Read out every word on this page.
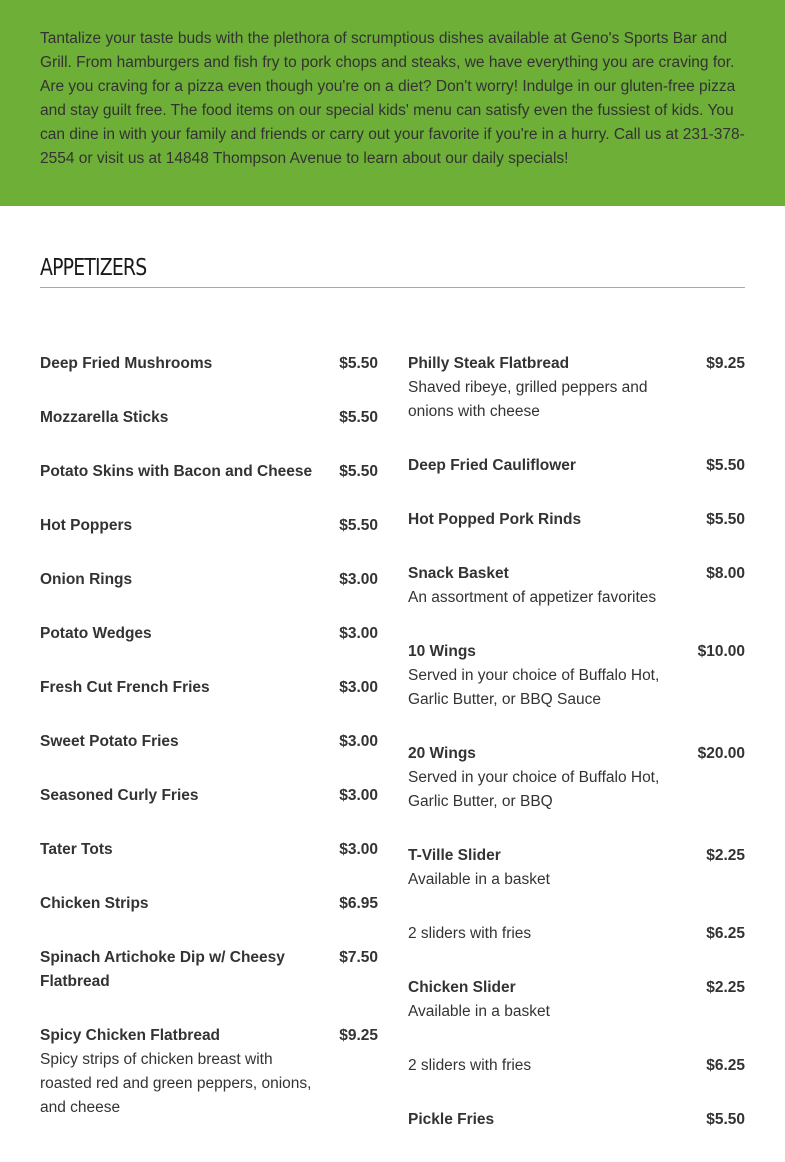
Tantalize your taste buds with the plethora of scrumptious dishes available at Geno's Sports Bar and Grill. From hamburgers and fish fry to pork chops and steaks, we have everything you are craving for. Are you craving for a pizza even though you're on a diet? Don't worry! Indulge in our gluten-free pizza and stay guilt free. The food items on our special kids' menu can satisfy even the fussiest of kids. You can dine in with your family and friends or carry out your favorite if you're in a hurry. Call us at 231-378-2554 or visit us at 14848 Thompson Avenue to learn about our daily specials!

APPETIZERS
Deep Fried Mushrooms	$5.50
Mozzarella Sticks	$5.50
Potato Skins with Bacon and Cheese	$5.50
Hot Poppers	$5.50
Onion Rings	$3.00
Potato Wedges	$3.00
Fresh Cut French Fries	$3.00
Sweet Potato Fries	$3.00
Seasoned Curly Fries	$3.00
Tater Tots	$3.00
Chicken Strips	$6.95
Spinach Artichoke Dip w/ Cheesy Flatbread
$7.50
Spicy Chicken Flatbread	$9.25
Spicy strips of chicken breast with roasted red and green peppers, onions, and cheese
Philly Steak Flatbread	$9.25
Shaved ribeye, grilled peppers and onions with cheese
Deep Fried Cauliflower	$5.50
Hot Popped Pork Rinds	$5.50
Snack Basket	$8.00
An assortment of appetizer favorites
10 Wings	$10.00
Served in your choice of Buffalo Hot, Garlic Butter, or BBQ Sauce
20 Wings	$20.00
Served in your choice of Buffalo Hot, Garlic Butter, or BBQ
T-Ville Slider	$2.25
Available in a basket
2 sliders with fries	$6.25
Chicken Slider	$2.25
Available in a basket
2 sliders with fries	$6.25
Pickle Fries	$5.50
